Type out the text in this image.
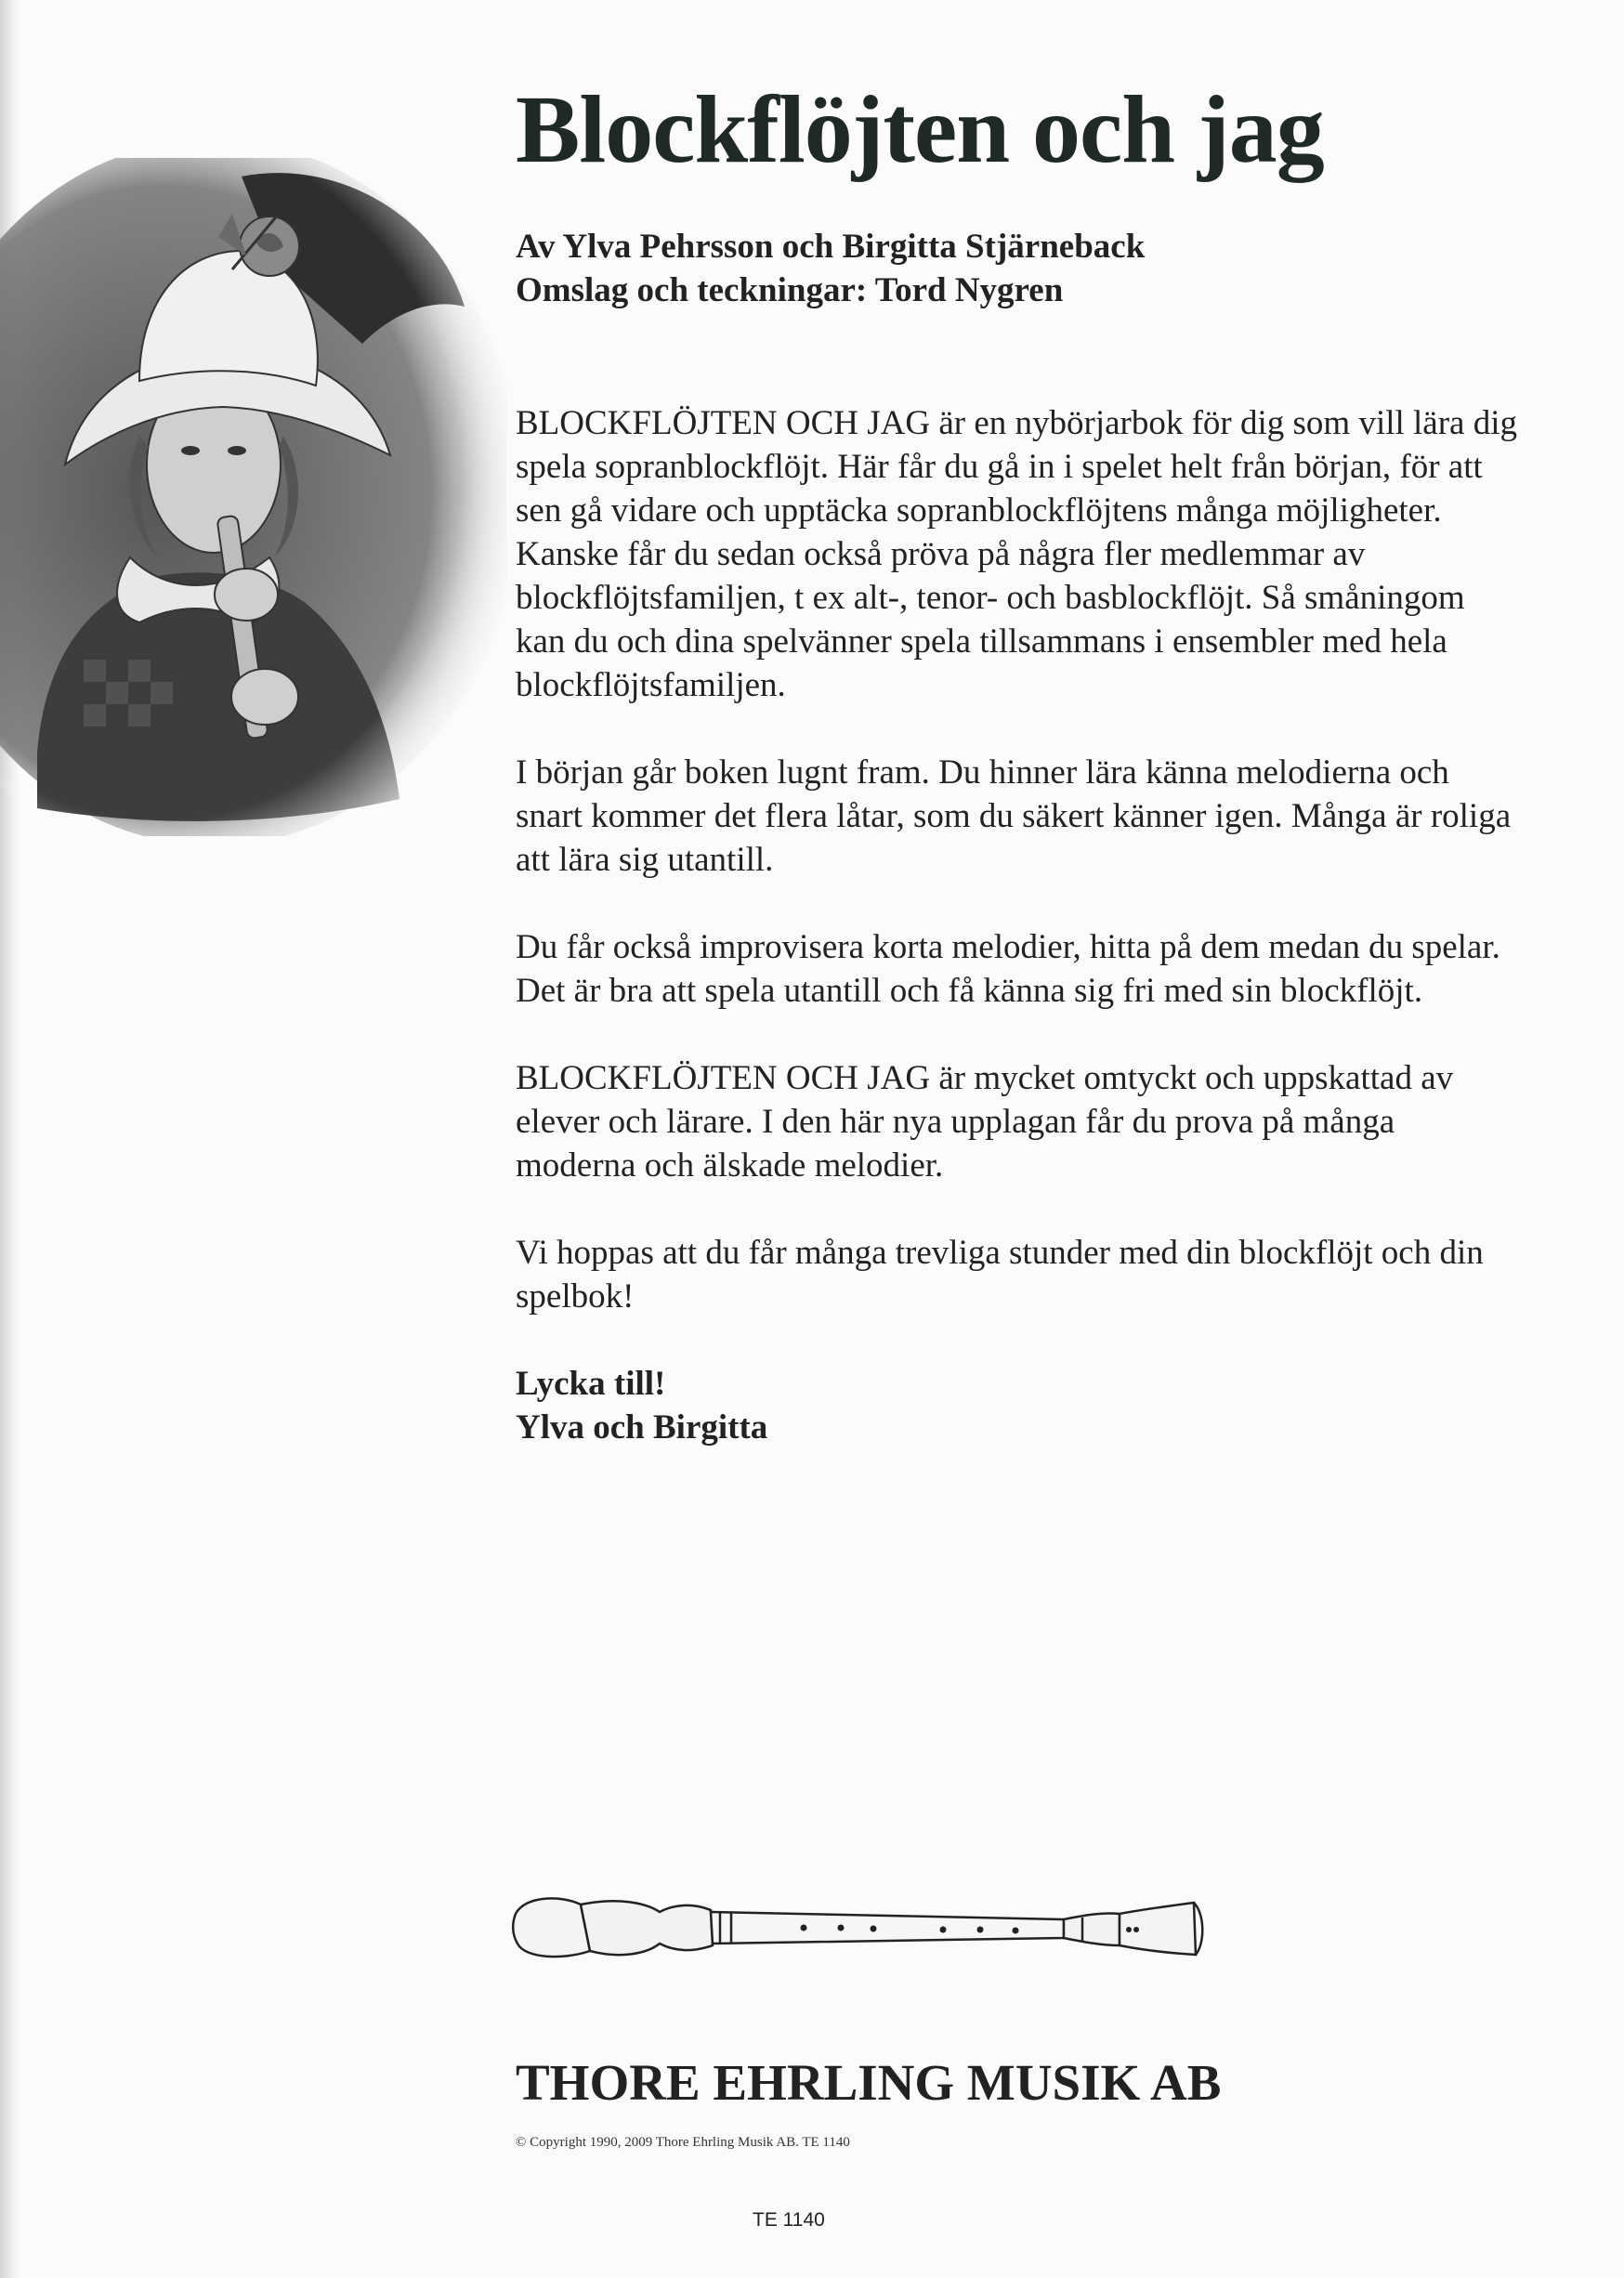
Blockflöjten och jag
Av Ylva Pehrsson och Birgitta Stjärneback
Omslag och teckningar: Tord Nygren

BLOCKFLÖJTEN OCH JAG är en nybörjarbok för dig som vill lära dig spela sopranblockflöjt. Här får du gå in i spelet helt från början, för att sen gå vidare och upptäcka sopranblockflöjtens många möjligheter. Kanske får du sedan också pröva på några fler medlemmar av blockflöjtsfamiljen, t ex alt-, tenor- och basblockflöjt. Så småningom kan du och dina spelvänner spela tillsammans i ensembler med hela blockflöjtsfamiljen.

I början går boken lugnt fram. Du hinner lära känna melodierna och snart kommer det flera låtar, som du säkert känner igen. Många är roliga att lära sig utantill.

Du får också improvisera korta melodier, hitta på dem medan du spelar. Det är bra att spela utantill och få känna sig fri med sin blockflöjt.

BLOCKFLÖJTEN OCH JAG är mycket omtyckt och uppskattad av elever och lärare. I den här nya upplagan får du prova på många moderna och älskade melodier.

Vi hoppas att du får många trevliga stunder med din blockflöjt och din spelbok!

Lycka till!
Ylva och Birgitta
THORE EHRLING MUSIK AB
© Copyright 1990, 2009 Thore Ehrling Musik AB. TE 1140
TE 1140
